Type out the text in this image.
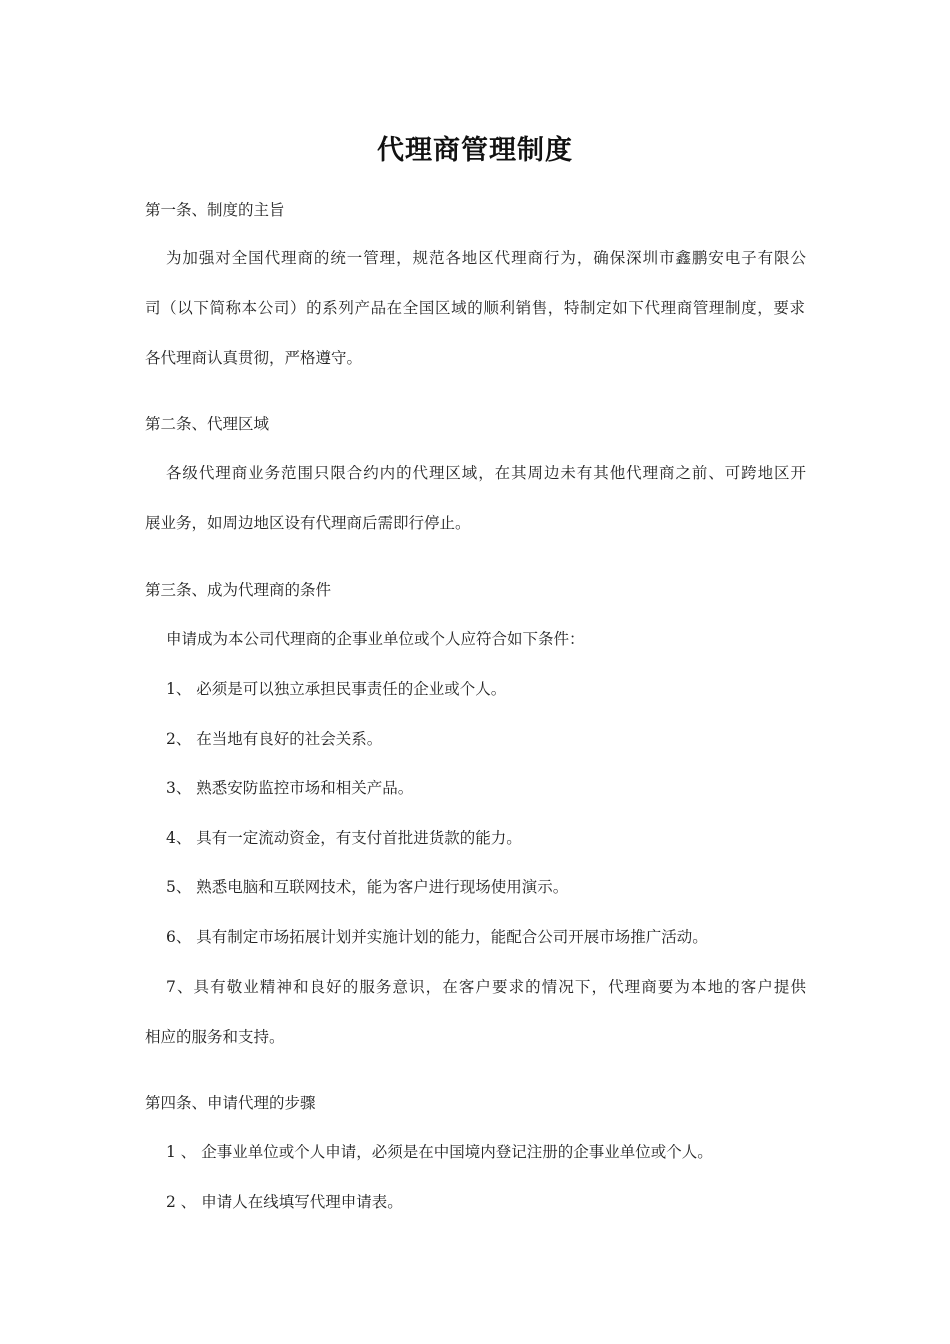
代理商管理制度
第一条、制度的主旨
为加强对全国代理商的统一管理，规范各地区代理商行为，确保深圳市鑫鹏安电子有限公
司（以下简称本公司）的系列产品在全国区域的顺利销售，特制定如下代理商管理制度，要求
各代理商认真贯彻，严格遵守。
第二条、代理区域
各级代理商业务范围只限合约内的代理区域，在其周边未有其他代理商之前、可跨地区开
展业务，如周边地区设有代理商后需即行停止。
第三条、成为代理商的条件
申请成为本公司代理商的企事业单位或个人应符合如下条件：
1、 必须是可以独立承担民事责任的企业或个人。
2、 在当地有良好的社会关系。
3、 熟悉安防监控市场和相关产品。
4、 具有一定流动资金，有支付首批进货款的能力。
5、 熟悉电脑和互联网技术，能为客户进行现场使用演示。
6、 具有制定市场拓展计划并实施计划的能力，能配合公司开展市场推广活动。
7、具有敬业精神和良好的服务意识，在客户要求的情况下，代理商要为本地的客户提供
相应的服务和支持。
第四条、申请代理的步骤
1 、 企事业单位或个人申请，必须是在中国境内登记注册的企事业单位或个人。
2 、 申请人在线填写代理申请表。
